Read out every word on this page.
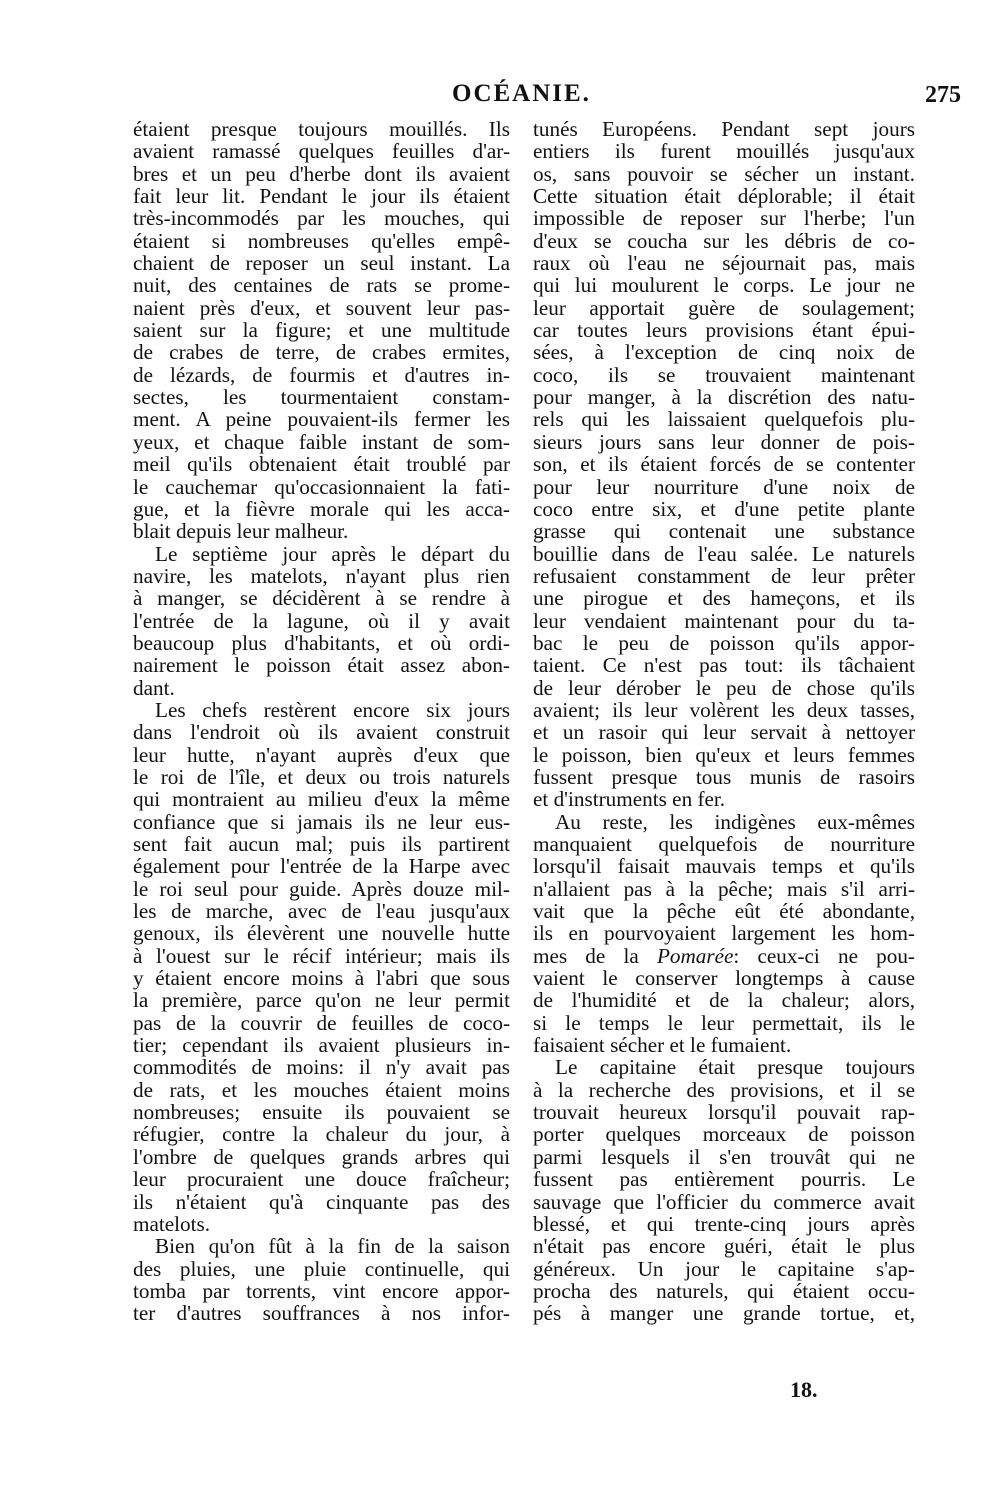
OCÉANIE.	275
étaient presque toujours mouillés. Ils
avaient ramassé quelques feuilles d'ar-
bres et un peu d'herbe dont ils avaient
fait leur lit. Pendant le jour ils étaient
très-incommodés par les mouches, qui
étaient si nombreuses qu'elles empê-
chaient de reposer un seul instant. La
nuit, des centaines de rats se prome-
naient près d'eux, et souvent leur pas-
saient sur la figure; et une multitude
de crabes de terre, de crabes ermites,
de lézards, de fourmis et d'autres in-
sectes, les tourmentaient constam-
ment. A peine pouvaient-ils fermer les
yeux, et chaque faible instant de som-
meil qu'ils obtenaient était troublé par
le cauchemar qu'occasionnaient la fati-
gue, et la fièvre morale qui les acca-
blait depuis leur malheur.
Le septième jour après le départ du
navire, les matelots, n'ayant plus rien
à manger, se décidèrent à se rendre à
l'entrée de la lagune, où il y avait
beaucoup plus d'habitants, et où ordi-
nairement le poisson était assez abon-
dant.
Les chefs restèrent encore six jours
dans l'endroit où ils avaient construit
leur hutte, n'ayant auprès d'eux que
le roi de l'île, et deux ou trois naturels
qui montraient au milieu d'eux la même
confiance que si jamais ils ne leur eus-
sent fait aucun mal; puis ils partirent
également pour l'entrée de la Harpe avec
le roi seul pour guide. Après douze mil-
les de marche, avec de l'eau jusqu'aux
genoux, ils élevèrent une nouvelle hutte
à l'ouest sur le récif intérieur; mais ils
y étaient encore moins à l'abri que sous
la première, parce qu'on ne leur permit
pas de la couvrir de feuilles de coco-
tier; cependant ils avaient plusieurs in-
commodités de moins: il n'y avait pas
de rats, et les mouches étaient moins
nombreuses; ensuite ils pouvaient se
réfugier, contre la chaleur du jour, à
l'ombre de quelques grands arbres qui
leur procuraient une douce fraîcheur;
ils n'étaient qu'à cinquante pas des
matelots.
Bien qu'on fût à la fin de la saison
des pluies, une pluie continuelle, qui
tomba par torrents, vint encore appor-
ter d'autres souffrances à nos infor-
tunés Européens. Pendant sept jours
entiers ils furent mouillés jusqu'aux
os, sans pouvoir se sécher un instant.
Cette situation était déplorable; il était
impossible de reposer sur l'herbe; l'un
d'eux se coucha sur les débris de co-
raux où l'eau ne séjournait pas, mais
qui lui moulurent le corps. Le jour ne
leur apportait guère de soulagement;
car toutes leurs provisions étant épui-
sées, à l'exception de cinq noix de
coco, ils se trouvaient maintenant
pour manger, à la discrétion des natu-
rels qui les laissaient quelquefois plu-
sieurs jours sans leur donner de pois-
son, et ils étaient forcés de se contenter
pour leur nourriture d'une noix de
coco entre six, et d'une petite plante
grasse qui contenait une substance
bouillie dans de l'eau salée. Le naturels
refusaient constamment de leur prêter
une pirogue et des hameçons, et ils
leur vendaient maintenant pour du ta-
bac le peu de poisson qu'ils appor-
taient. Ce n'est pas tout: ils tâchaient
de leur dérober le peu de chose qu'ils
avaient; ils leur volèrent les deux tasses,
et un rasoir qui leur servait à nettoyer
le poisson, bien qu'eux et leurs femmes
fussent presque tous munis de rasoirs
et d'instruments en fer.
Au reste, les indigènes eux-mêmes
manquaient quelquefois de nourriture
lorsqu'il faisait mauvais temps et qu'ils
n'allaient pas à la pêche; mais s'il arri-
vait que la pêche eût été abondante,
ils en pourvoyaient largement les hom-
mes de la Pomarée: ceux-ci ne pou-
vaient le conserver longtemps à cause
de l'humidité et de la chaleur; alors,
si le temps le leur permettait, ils le
faisaient sécher et le fumaient.
Le capitaine était presque toujours
à la recherche des provisions, et il se
trouvait heureux lorsqu'il pouvait rap-
porter quelques morceaux de poisson
parmi lesquels il s'en trouvât qui ne
fussent pas entièrement pourris. Le
sauvage que l'officier du commerce avait
blessé, et qui trente-cinq jours après
n'était pas encore guéri, était le plus
généreux. Un jour le capitaine s'ap-
procha des naturels, qui étaient occu-
pés à manger une grande tortue, et,
18.
